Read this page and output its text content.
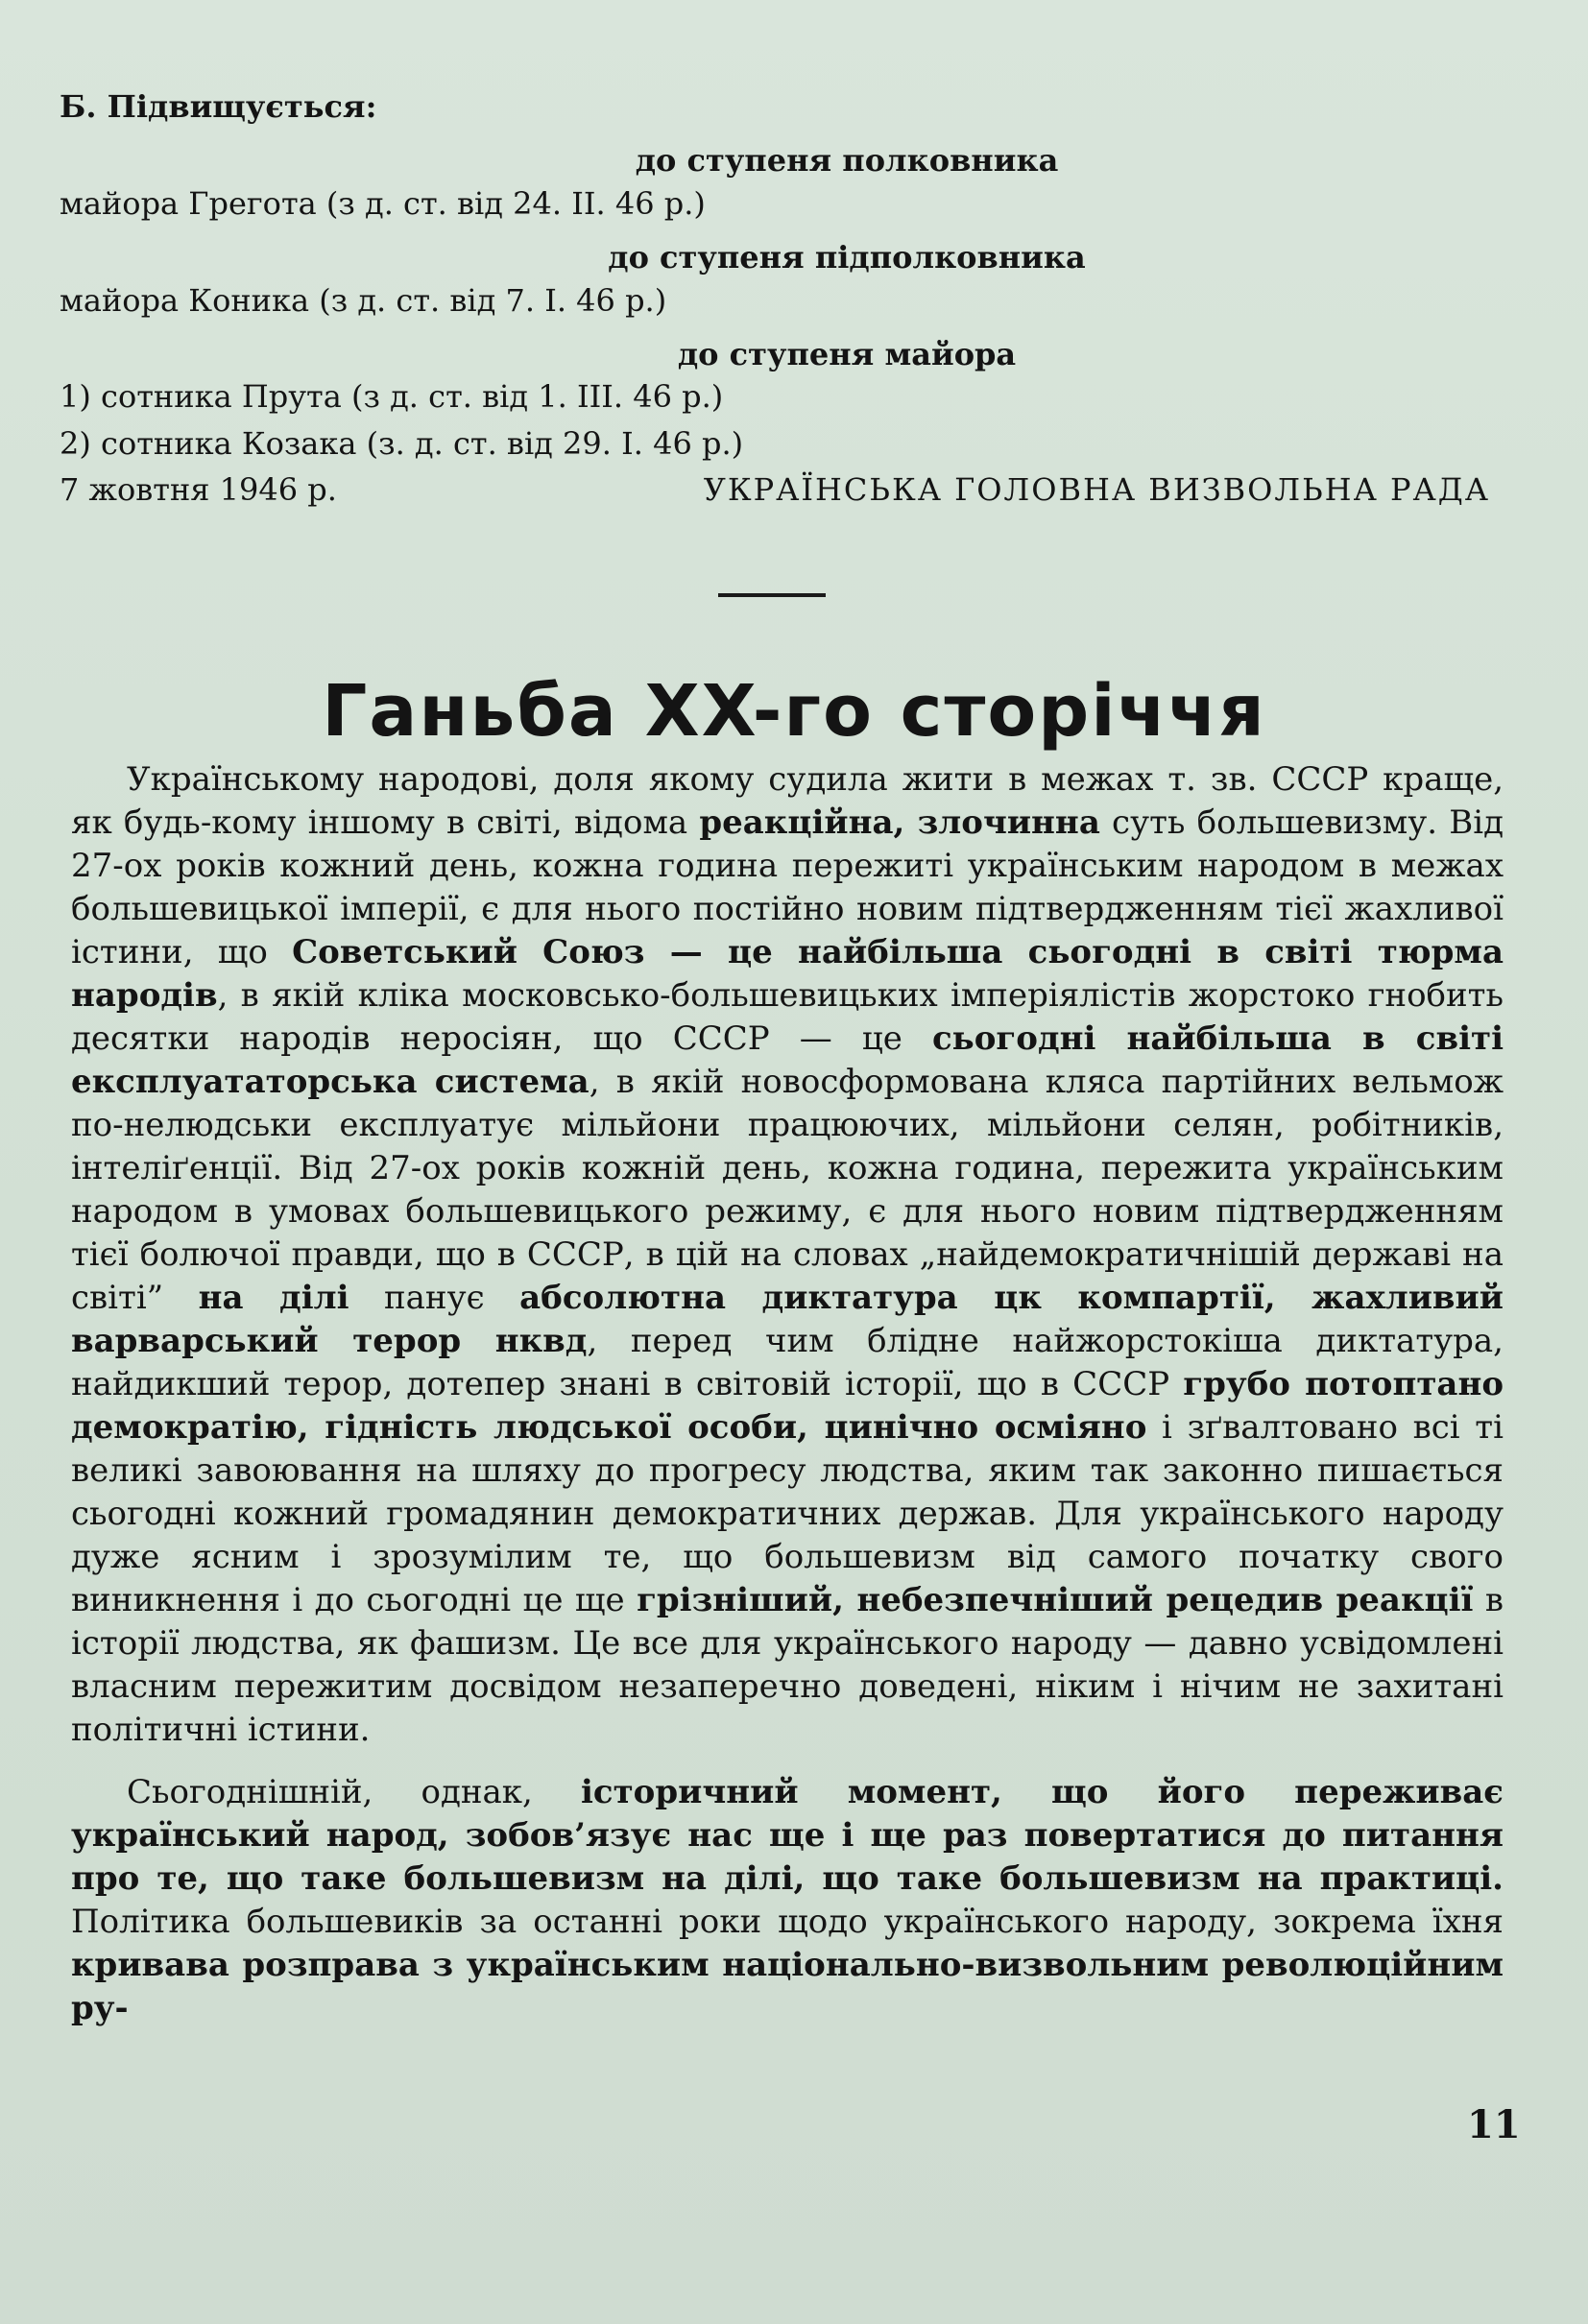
Б. Підвищується:
до ступеня полковника
майора Грегота (з д. ст. від 24. II. 46 р.)
до ступеня підполковника
майора Коника (з д. ст. від 7. I. 46 р.)
до ступеня майора
1) сотника Прута (з д. ст. від 1. III. 46 р.)
2) сотника Козака (з. д. ст. від 29. I. 46 р.)
7 жовтня 1946 р.	УКРАЇНСЬКА ГОЛОВНА ВИЗВОЛЬНА РАДА
Ганьба XX-го сторіччя

Українському народові, доля якому судила жити в межах т. зв. СССР краще, як будь-кому іншому в світі, відома реакційна, злочинна суть большевизму. Від 27-ох років кожний день, кожна година пережиті українським народом в межах большевицької імперії, є для нього постійно новим підтвердженням тієї жахливої істини, що Советський Союз — це найбільша сьогодні в світі тюрма народів, в якій кліка московсько-большевицьких імперіялістів жорстоко гнобить десятки народів неросіян, що СССР — це сьогодні найбільша в світі експлуататорська система, в якій новосформована кляса партійних вельмож по-нелюдськи експлуатує мільйони працюючих, мільйони селян, робітників, інтеліґенції. Від 27-ох років кожній день, кожна година, пережита українським народом в умовах большевицького режиму, є для нього новим підтвердженням тієї болючої правди, що в СССР, в цій на словах „найдемократичнішій державі на світі” на ділі панує абсолютна диктатура цк компартії, жахливий варварський терор нквд, перед чим блідне найжорстокіша диктатура, найдикший терор, дотепер знані в світовій історії, що в СССР грубо потоптано демократію, гідність людської особи, цинічно осміяно і зґвалтовано всі ті великі завоювання на шляху до прогресу людства, яким так законно пишається сьогодні кожний громадянин демократичних держав. Для українського народу дуже ясним і зрозумілим те, що большевизм від самого початку свого виникнення і до сьогодні це ще грізніший, небезпечніший рецедив реакції в історії людства, як фашизм. Це все для українського народу — давно усвідомлені власним пережитим досвідом незаперечно доведені, ніким і нічим не захитані політичні істини.

Сьогоднішній, однак, історичний момент, що його переживає український народ, зобов’язує нас ще і ще раз повертатися до питання про те, що таке большевизм на ділі, що таке большевизм на практиці. Політика большевиків за останні роки щодо українського народу, зокрема їхня кривава розправа з українським національно-визвольним революційним ру-

11
